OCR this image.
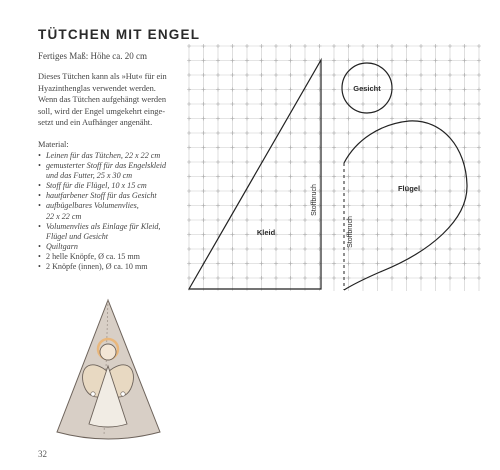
TÜTCHEN MIT ENGEL
Fertiges Maß: Höhe ca. 20 cm

Dieses Tütchen kann als »Hut« für ein

Hyazinthenglas verwendet werden.

Wenn das Tütchen aufgehängt werden

soll, wird der Engel umgekehrt einge-

setzt und ein Aufhänger angenäht.

Material:
• Leinen für das Tütchen, 22 x 22 cm
• gemusterter Stoff für das Engelskleid
und das Futter, 25 x 30 cm
• Stoff für die Flügel, 10 x 15 cm
• hautfarbener Stoff für das Gesicht
• aufbügelbares Volumenvlies,
22 x 22 cm
• Volumenvlies als Einlage für Kleid,
Flügel und Gesicht
• Quiltgarn
• 2 helle Knöpfe, Ø ca. 15 mm
• 2 Knöpfe (innen), Ø ca. 10 mm
Stoffbruch
Kleid
Gesicht
Stoffbruch
Flügel
32
